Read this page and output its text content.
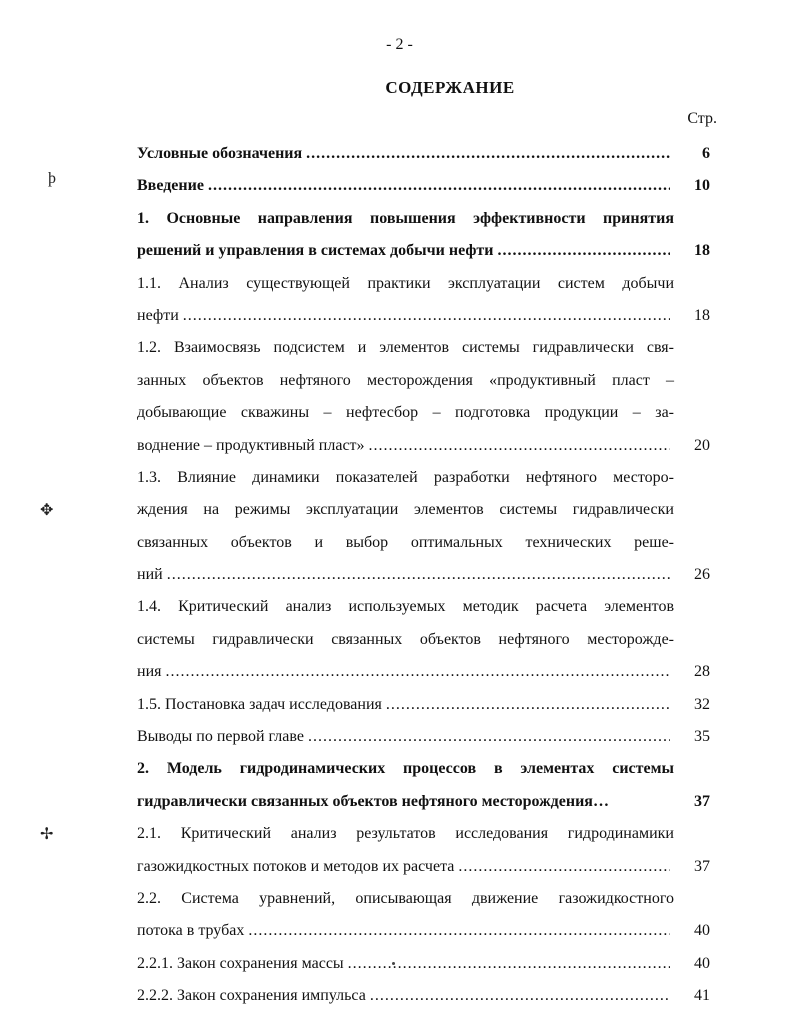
- 2 -
СОДЕРЖАНИЕ
Стр.
Условные обозначения .....	6
Введение .....	10
1. Основные направления повышения эффективности принятия
решений и управления в системах добычи нефти .....	18
1.1. Анализ существующей практики эксплуатации систем добычи
нефти .....	18
1.2. Взаимосвязь подсистем и элементов системы гидравлически свя-
занных объектов нефтяного месторождения «продуктивный пласт –
добывающие скважины – нефтесбор – подготовка продукции – за-
воднение – продуктивный пласт» .....	20
1.3. Влияние динамики показателей разработки нефтяного месторо-
ждения на режимы эксплуатации элементов системы гидравлически
связанных объектов и выбор оптимальных технических реше-
ний .....	26
1.4. Критический анализ используемых методик расчета элементов
системы гидравлически связанных объектов нефтяного месторожде-
ния .....	28
1.5. Постановка задач исследования .....	32
Выводы по первой главе .....	35
2. Модель гидродинамических процессов в элементах системы
гидравлически связанных объектов нефтяного месторождения…	37
2.1. Критический анализ результатов исследования гидродинамики
газожидкостных потоков и методов их расчета .....	37
2.2. Система уравнений, описывающая движение газожидкостного
потока в трубах .....	40
2.2.1. Закон сохранения массы .....	40
2.2.2. Закон сохранения импульса .....	41
ϸ
✥
✢
